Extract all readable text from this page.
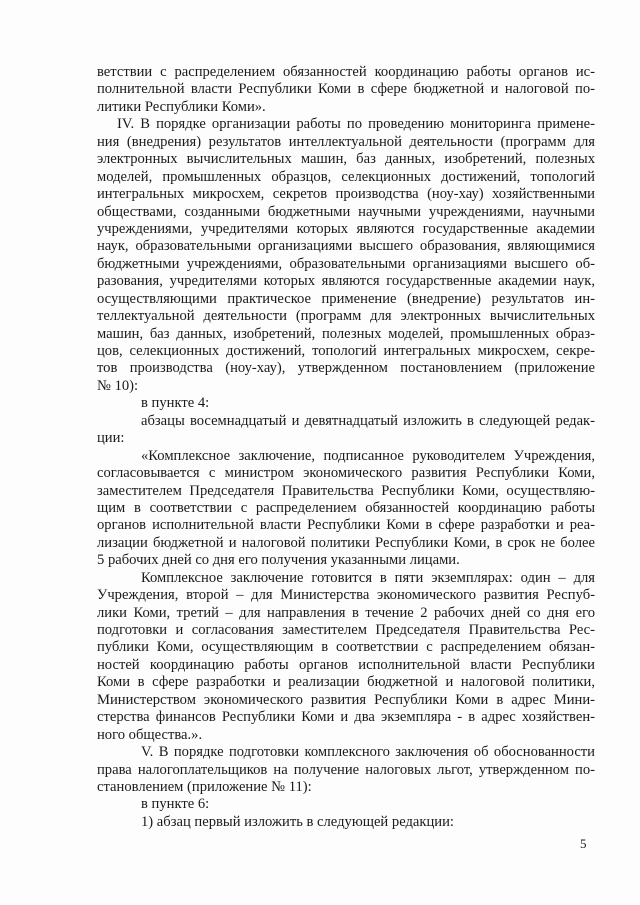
ветствии с распределением обязанностей координацию работы органов ис-
полнительной власти Республики Коми в сфере бюджетной и налоговой по-
литики Республики Коми».
IV. В порядке организации работы по проведению мониторинга примене-
ния (внедрения) результатов интеллектуальной деятельности (программ для
электронных вычислительных машин, баз данных, изобретений, полезных
моделей, промышленных образцов, селекционных достижений, топологий
интегральных микросхем, секретов производства (ноу-хау) хозяйственными
обществами, созданными бюджетными научными учреждениями, научными
учреждениями, учредителями которых являются государственные академии
наук, образовательными организациями высшего образования, являющимися
бюджетными учреждениями, образовательными организациями высшего об-
разования, учредителями которых являются государственные академии наук,
осуществляющими практическое применение (внедрение) результатов ин-
теллектуальной деятельности (программ для электронных вычислительных
машин, баз данных, изобретений, полезных моделей, промышленных образ-
цов, селекционных достижений, топологий интегральных микросхем, секре-
тов производства (ноу-хау), утвержденном постановлением (приложение
№ 10):
в пункте 4:
абзацы восемнадцатый и девятнадцатый изложить в следующей редак-
ции:
«Комплексное заключение, подписанное руководителем Учреждения,
согласовывается с министром экономического развития Республики Коми,
заместителем Председателя Правительства Республики Коми, осуществляю-
щим в соответствии с распределением обязанностей координацию работы
органов исполнительной власти Республики Коми в сфере разработки и реа-
лизации бюджетной и налоговой политики Республики Коми, в срок не более
5 рабочих дней со дня его получения указанными лицами.
Комплексное заключение готовится в пяти экземплярах: один – для
Учреждения, второй – для Министерства экономического развития Респуб-
лики Коми, третий – для направления в течение 2 рабочих дней со дня его
подготовки и согласования заместителем Председателя Правительства Рес-
публики Коми, осуществляющим в соответствии с распределением обязан-
ностей координацию работы органов исполнительной власти Республики
Коми в сфере разработки и реализации бюджетной и налоговой политики,
Министерством экономического развития Республики Коми в адрес Мини-
стерства финансов Республики Коми и два экземпляра - в адрес хозяйствен-
ного общества.».
V. В порядке подготовки комплексного заключения об обоснованности
права налогоплательщиков на получение налоговых льгот, утвержденном по-
становлением (приложение № 11):
в пункте 6:
1) абзац первый изложить в следующей редакции:
5
